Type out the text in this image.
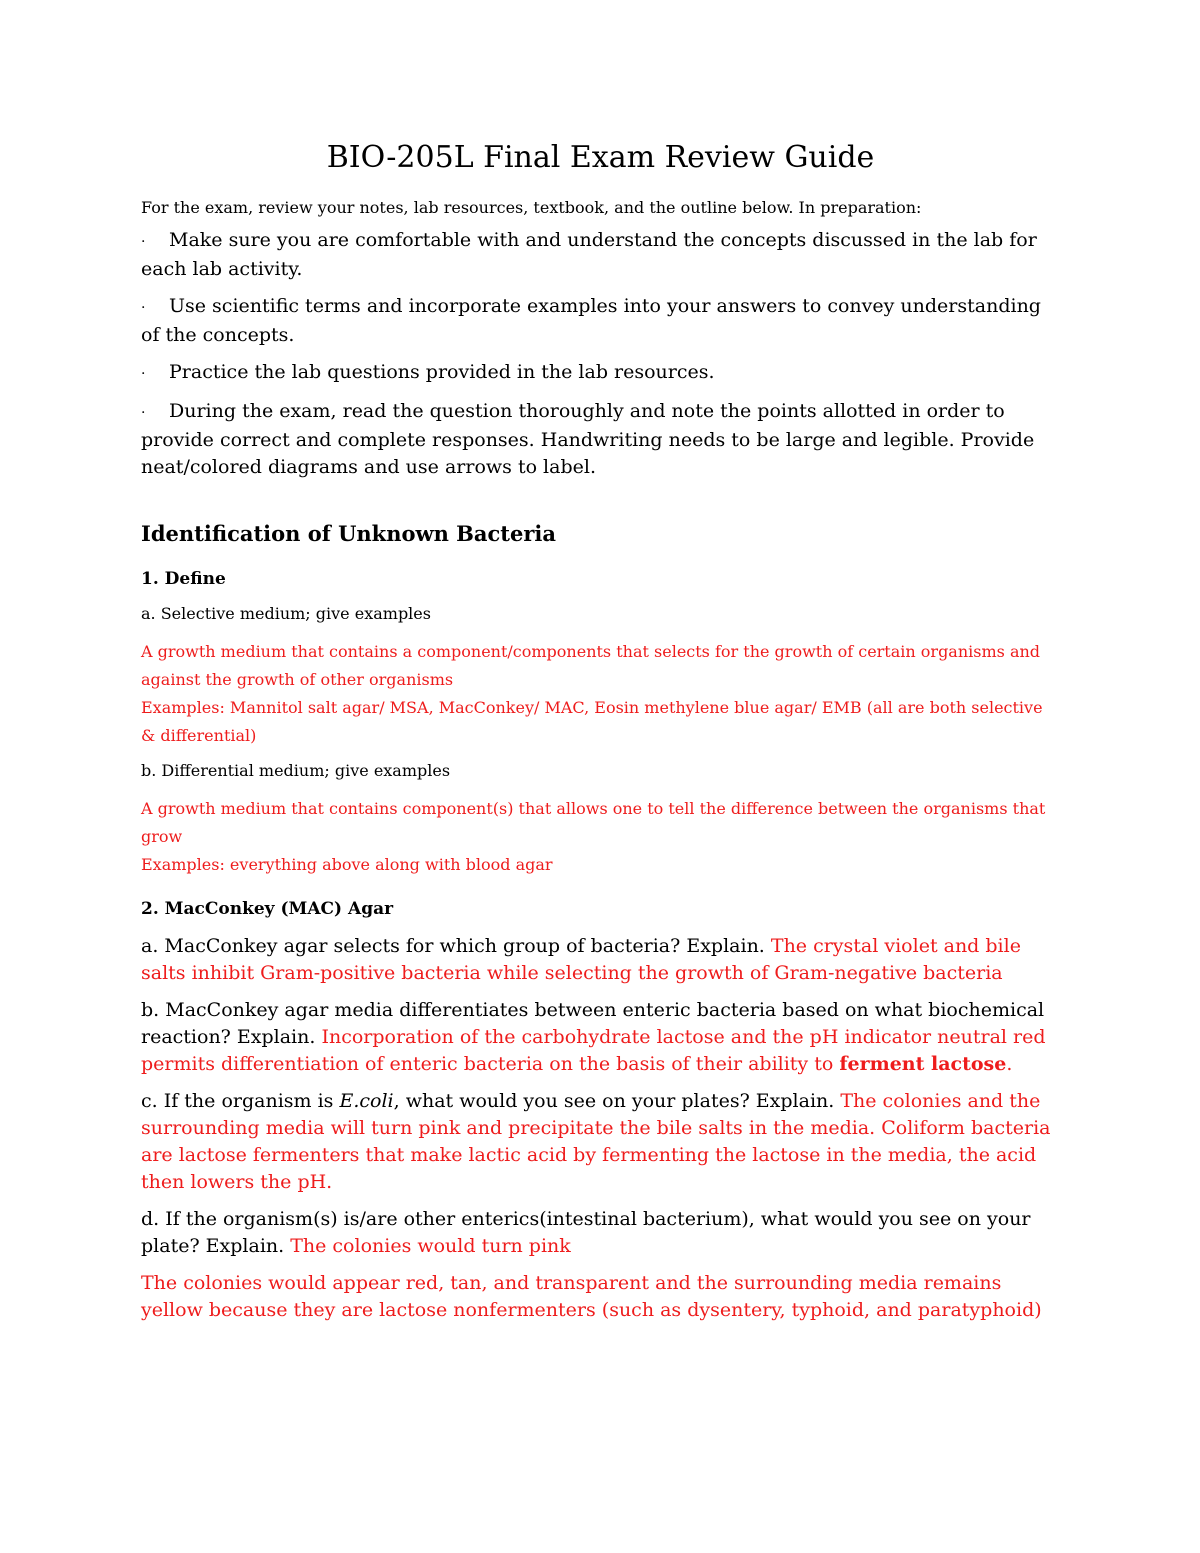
BIO-205L Final Exam Review Guide

For the exam, review your notes, lab resources, textbook, and the outline below. In preparation:

· Make sure you are comfortable with and understand the concepts discussed in the lab for each lab activity.

· Use scientific terms and incorporate examples into your answers to convey understanding of the concepts.

· Practice the lab questions provided in the lab resources.

· During the exam, read the question thoroughly and note the points allotted in order to provide correct and complete responses. Handwriting needs to be large and legible. Provide neat/colored diagrams and use arrows to label.

Identification of Unknown Bacteria

1. Define

a. Selective medium; give examples

A growth medium that contains a component/components that selects for the growth of certain organisms and against the growth of other organisms
Examples: Mannitol salt agar/ MSA, MacConkey/ MAC, Eosin methylene blue agar/ EMB (all are both selective & differential)

b. Differential medium; give examples

A growth medium that contains component(s) that allows one to tell the difference between the organisms that grow
Examples: everything above along with blood agar

2. MacConkey (MAC) Agar

a. MacConkey agar selects for which group of bacteria? Explain. The crystal violet and bile salts inhibit Gram-positive bacteria while selecting the growth of Gram-negative bacteria

b. MacConkey agar media differentiates between enteric bacteria based on what biochemical reaction? Explain. Incorporation of the carbohydrate lactose and the pH indicator neutral red permits differentiation of enteric bacteria on the basis of their ability to ferment lactose.

c. If the organism is E.coli, what would you see on your plates? Explain. The colonies and the surrounding media will turn pink and precipitate the bile salts in the media. Coliform bacteria are lactose fermenters that make lactic acid by fermenting the lactose in the media, the acid then lowers the pH.

d. If the organism(s) is/are other enterics(intestinal bacterium), what would you see on your plate? Explain. The colonies would turn pink

The colonies would appear red, tan, and transparent and the surrounding media remains yellow because they are lactose nonfermenters (such as dysentery, typhoid, and paratyphoid)
